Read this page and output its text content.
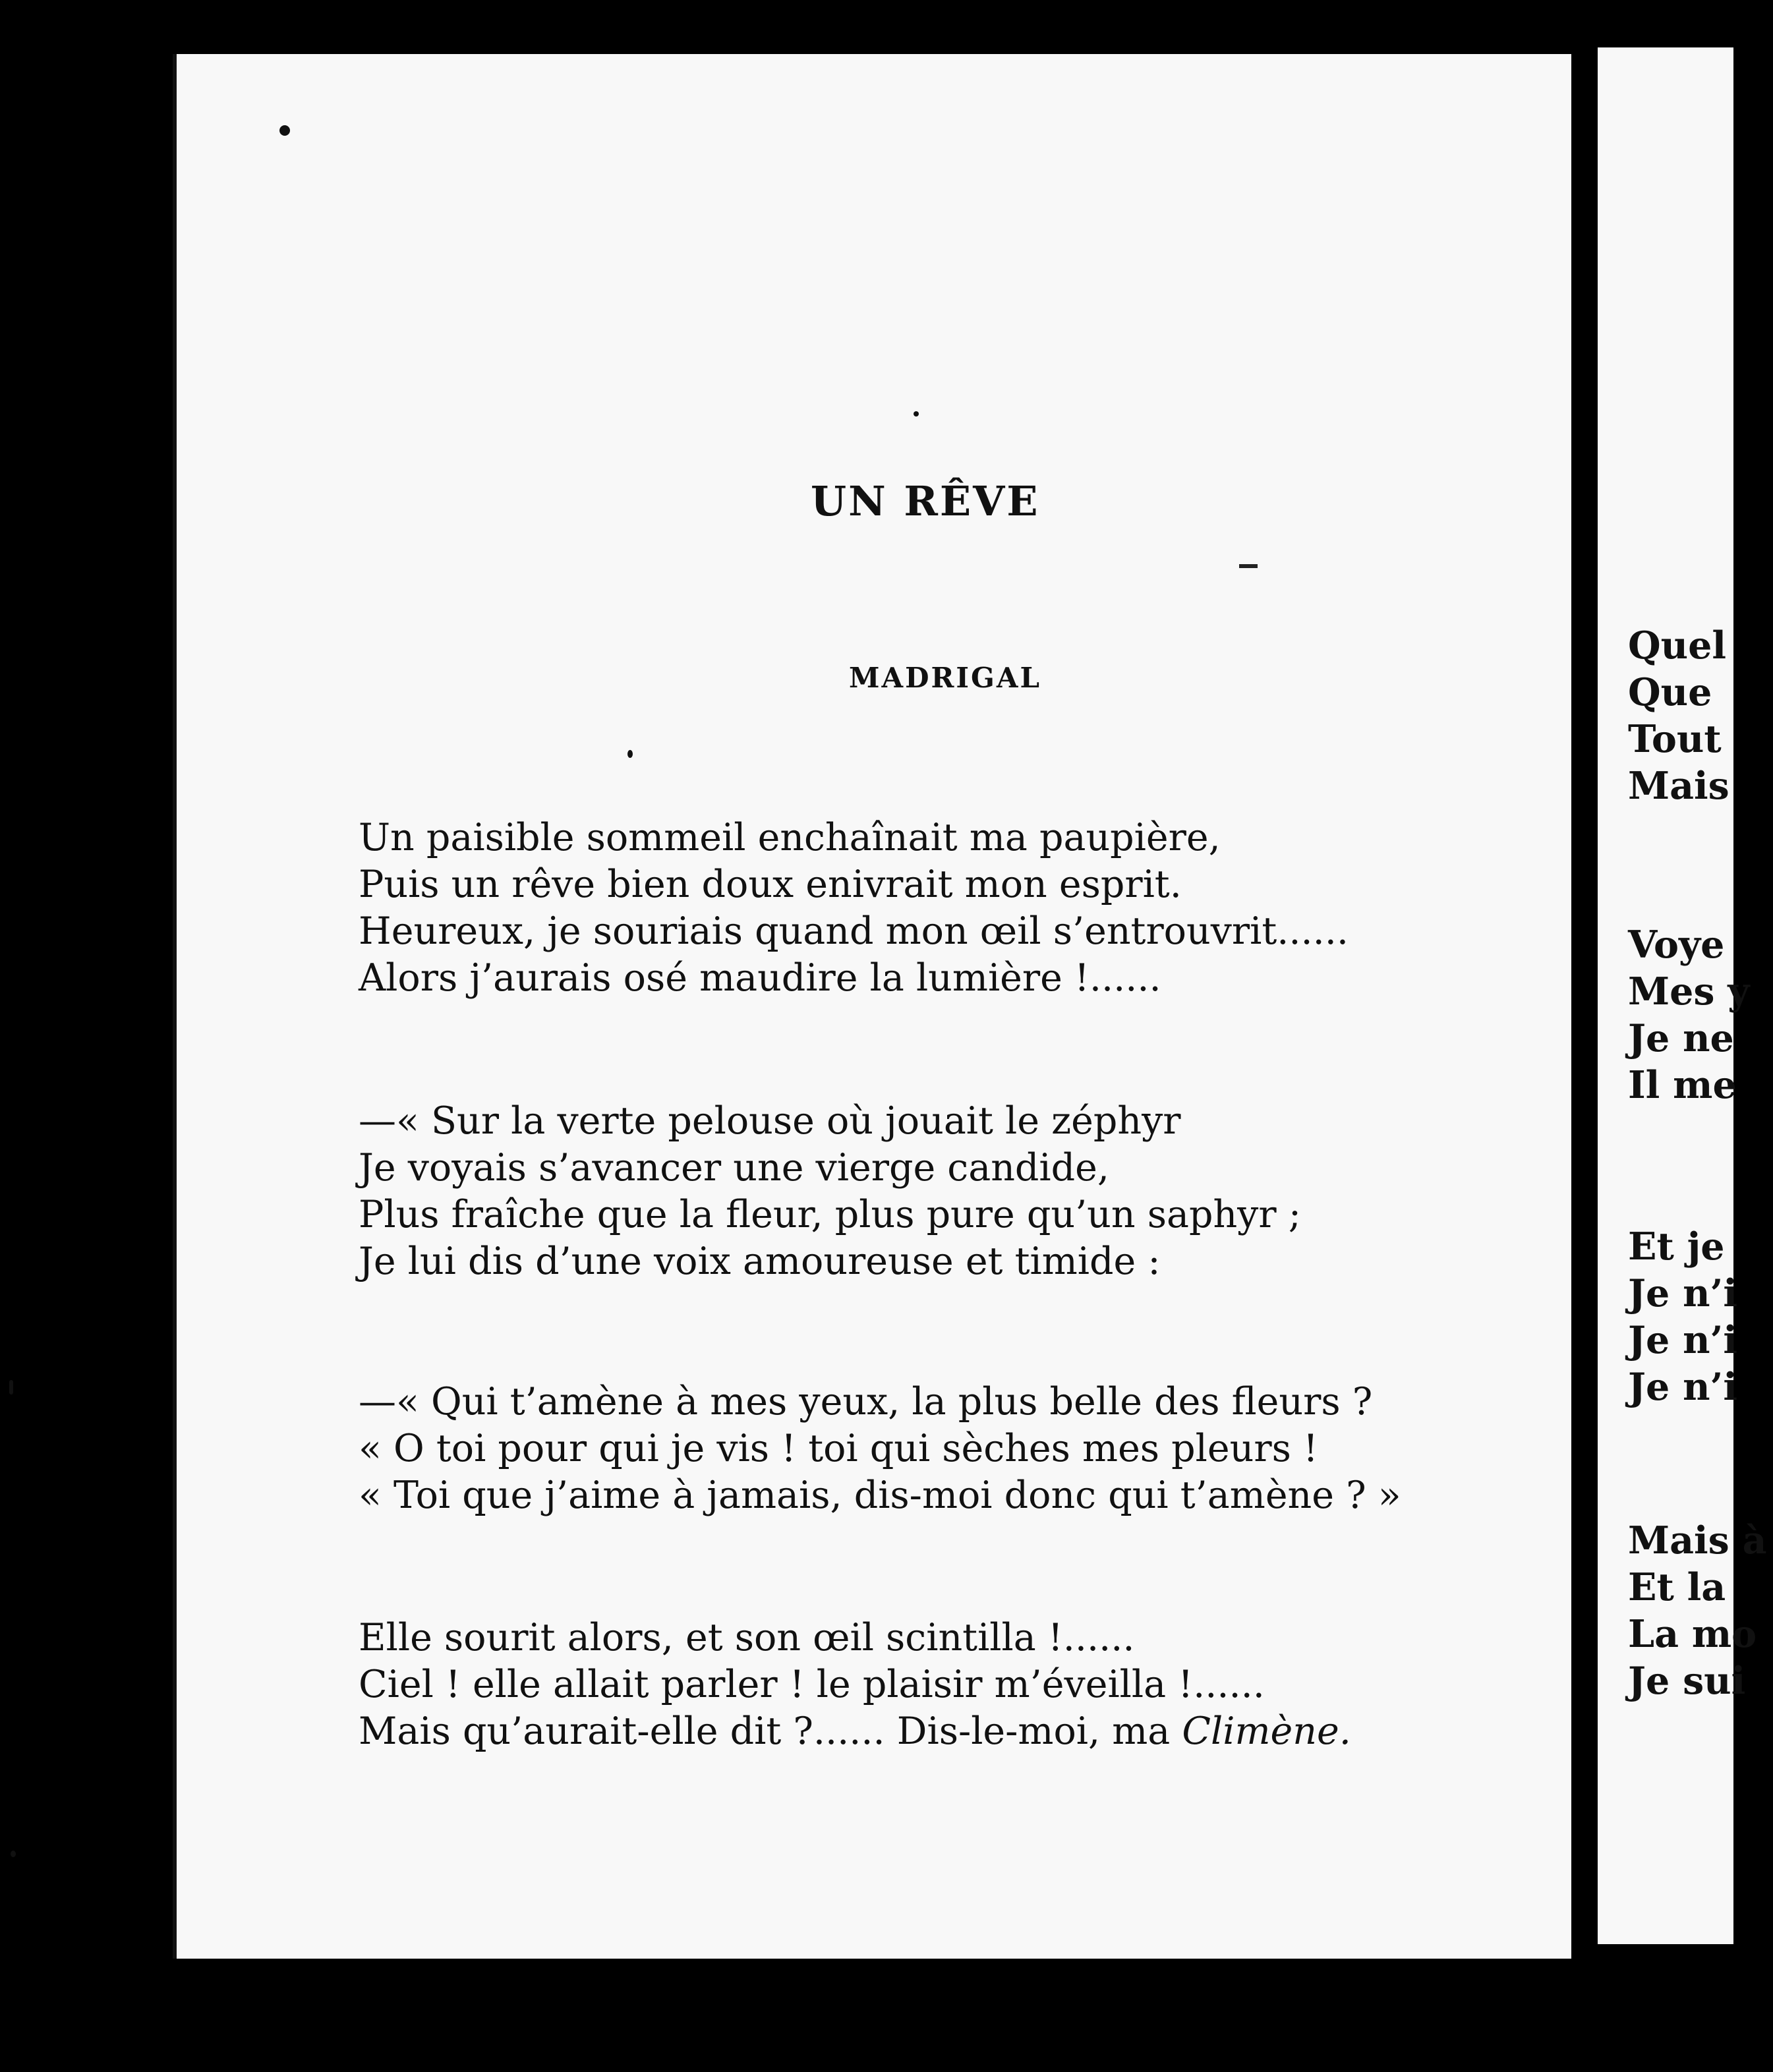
UN RÊVE
MADRIGAL
Un paisible sommeil enchaînait ma paupière,
Puis un rêve bien doux enivrait mon esprit.
Heureux, je souriais quand mon œil s’entrouvrit......
Alors j’aurais osé maudire la lumière !......
—« Sur la verte pelouse où jouait le zéphyr
Je voyais s’avancer une vierge candide,
Plus fraîche que la fleur, plus pure qu’un saphyr ;
Je lui dis d’une voix amoureuse et timide :
—« Qui t’amène à mes yeux, la plus belle des fleurs ?
« O toi pour qui je vis ! toi qui sèches mes pleurs !
« Toi que j’aime à jamais, dis-moi donc qui t’amène ? »
Elle sourit alors, et son œil scintilla !......
Ciel ! elle allait parler ! le plaisir m’éveilla !......
Mais qu’aurait-elle dit ?...... Dis-le-moi, ma Climène.
Quel
Que
Tout
Mais
Voye
Mes y
Je ne
Il me
Et je
Je n’i
Je n’i
Je n’i
Mais à
Et la
La mo
Je sui
